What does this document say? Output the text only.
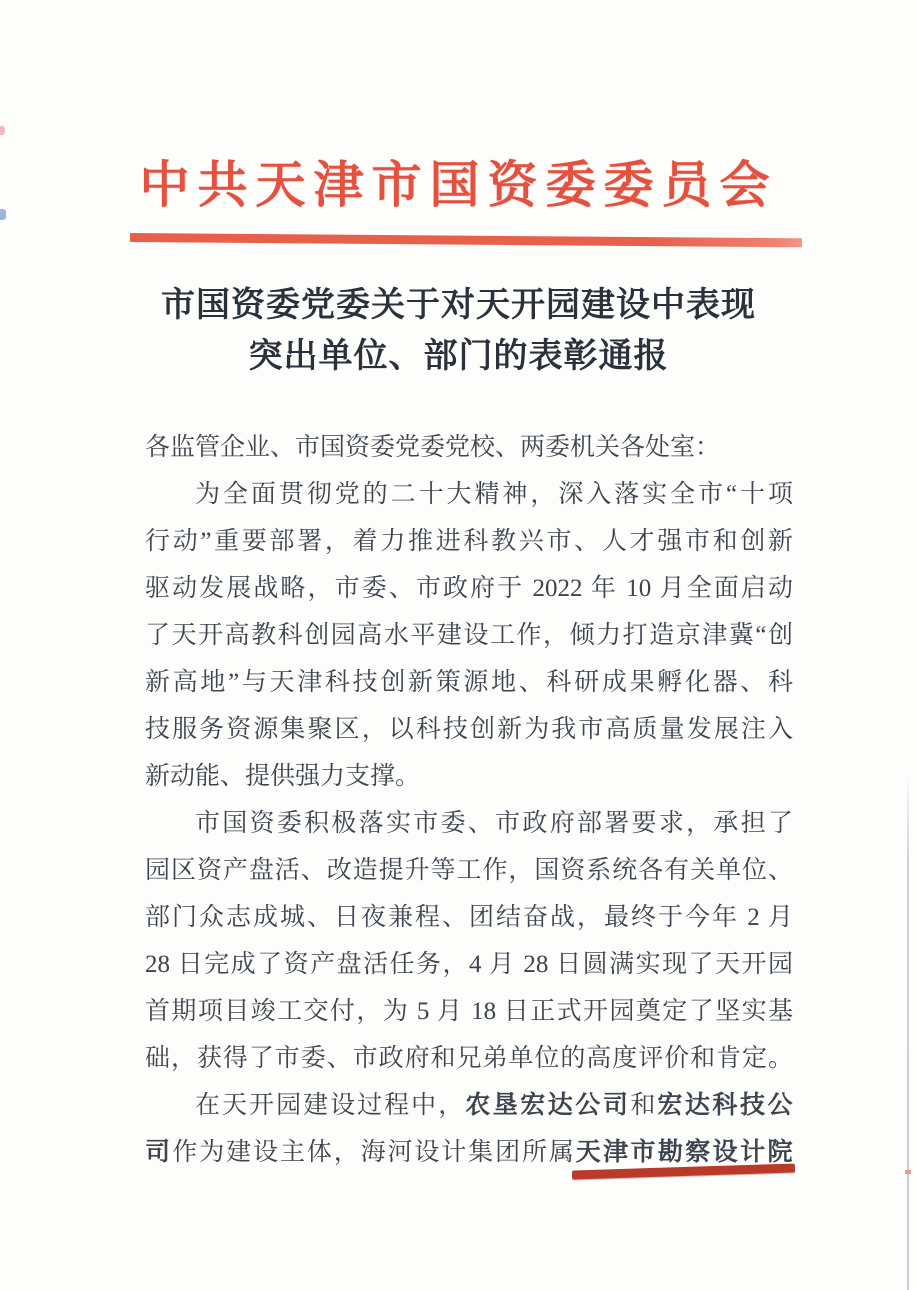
中共天津市国资委委员会
市国资委党委关于对天开园建设中表现
突出单位、部门的表彰通报
各监管企业、市国资委党委党校、两委机关各处室：
为全面贯彻党的二十大精神，深入落实全市“十项
行动”重要部署，着力推进科教兴市、人才强市和创新
驱动发展战略，市委、市政府于 2022 年 10 月全面启动
了天开高教科创园高水平建设工作，倾力打造京津冀“创
新高地”与天津科技创新策源地、科研成果孵化器、科
技服务资源集聚区，以科技创新为我市高质量发展注入
新动能、提供强力支撑。
市国资委积极落实市委、市政府部署要求，承担了
园区资产盘活、改造提升等工作，国资系统各有关单位、
部门众志成城、日夜兼程、团结奋战，最终于今年 2 月
28 日完成了资产盘活任务，4 月 28 日圆满实现了天开园
首期项目竣工交付，为 5 月 18 日正式开园奠定了坚实基
础，获得了市委、市政府和兄弟单位的高度评价和肯定。
在天开园建设过程中，农垦宏达公司和宏达科技公
司作为建设主体，海河设计集团所属天津市勘察设计院
